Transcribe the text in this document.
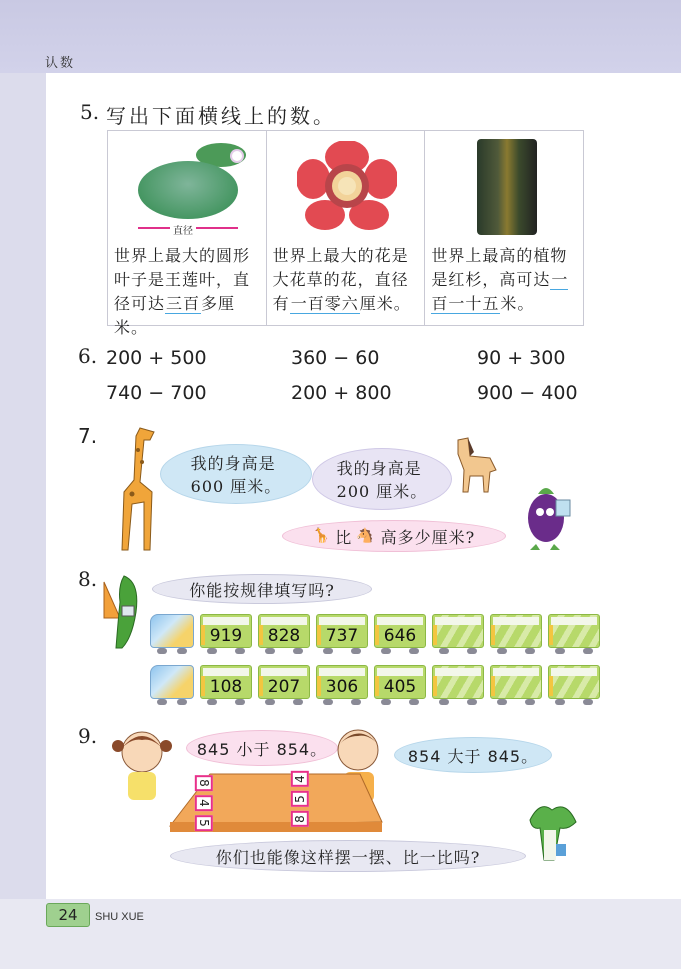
认数
5. 写出下面横线上的数。
直径
世界上最大的圆形叶子是王莲叶，直径可达三百多厘米。
世界上最大的花是大花草的花，直径有一百零六厘米。
世界上最高的植物是红杉，高可达一百一十五米。
6. 200 + 500	360 − 60	90 + 300
740 − 700	200 + 800	900 − 400
7.
我的身高是
600 厘米。
我的身高是
200 厘米。
🦒 比 🐴 高多少厘米?
8.	你能按规律填写吗?
919 828 737 646
108 207 306 405
9.
845 小于 854。	854 大于 845。
8
4
5
8
5
4
你们也能像这样摆一摆、比一比吗?
24 SHU XUE
